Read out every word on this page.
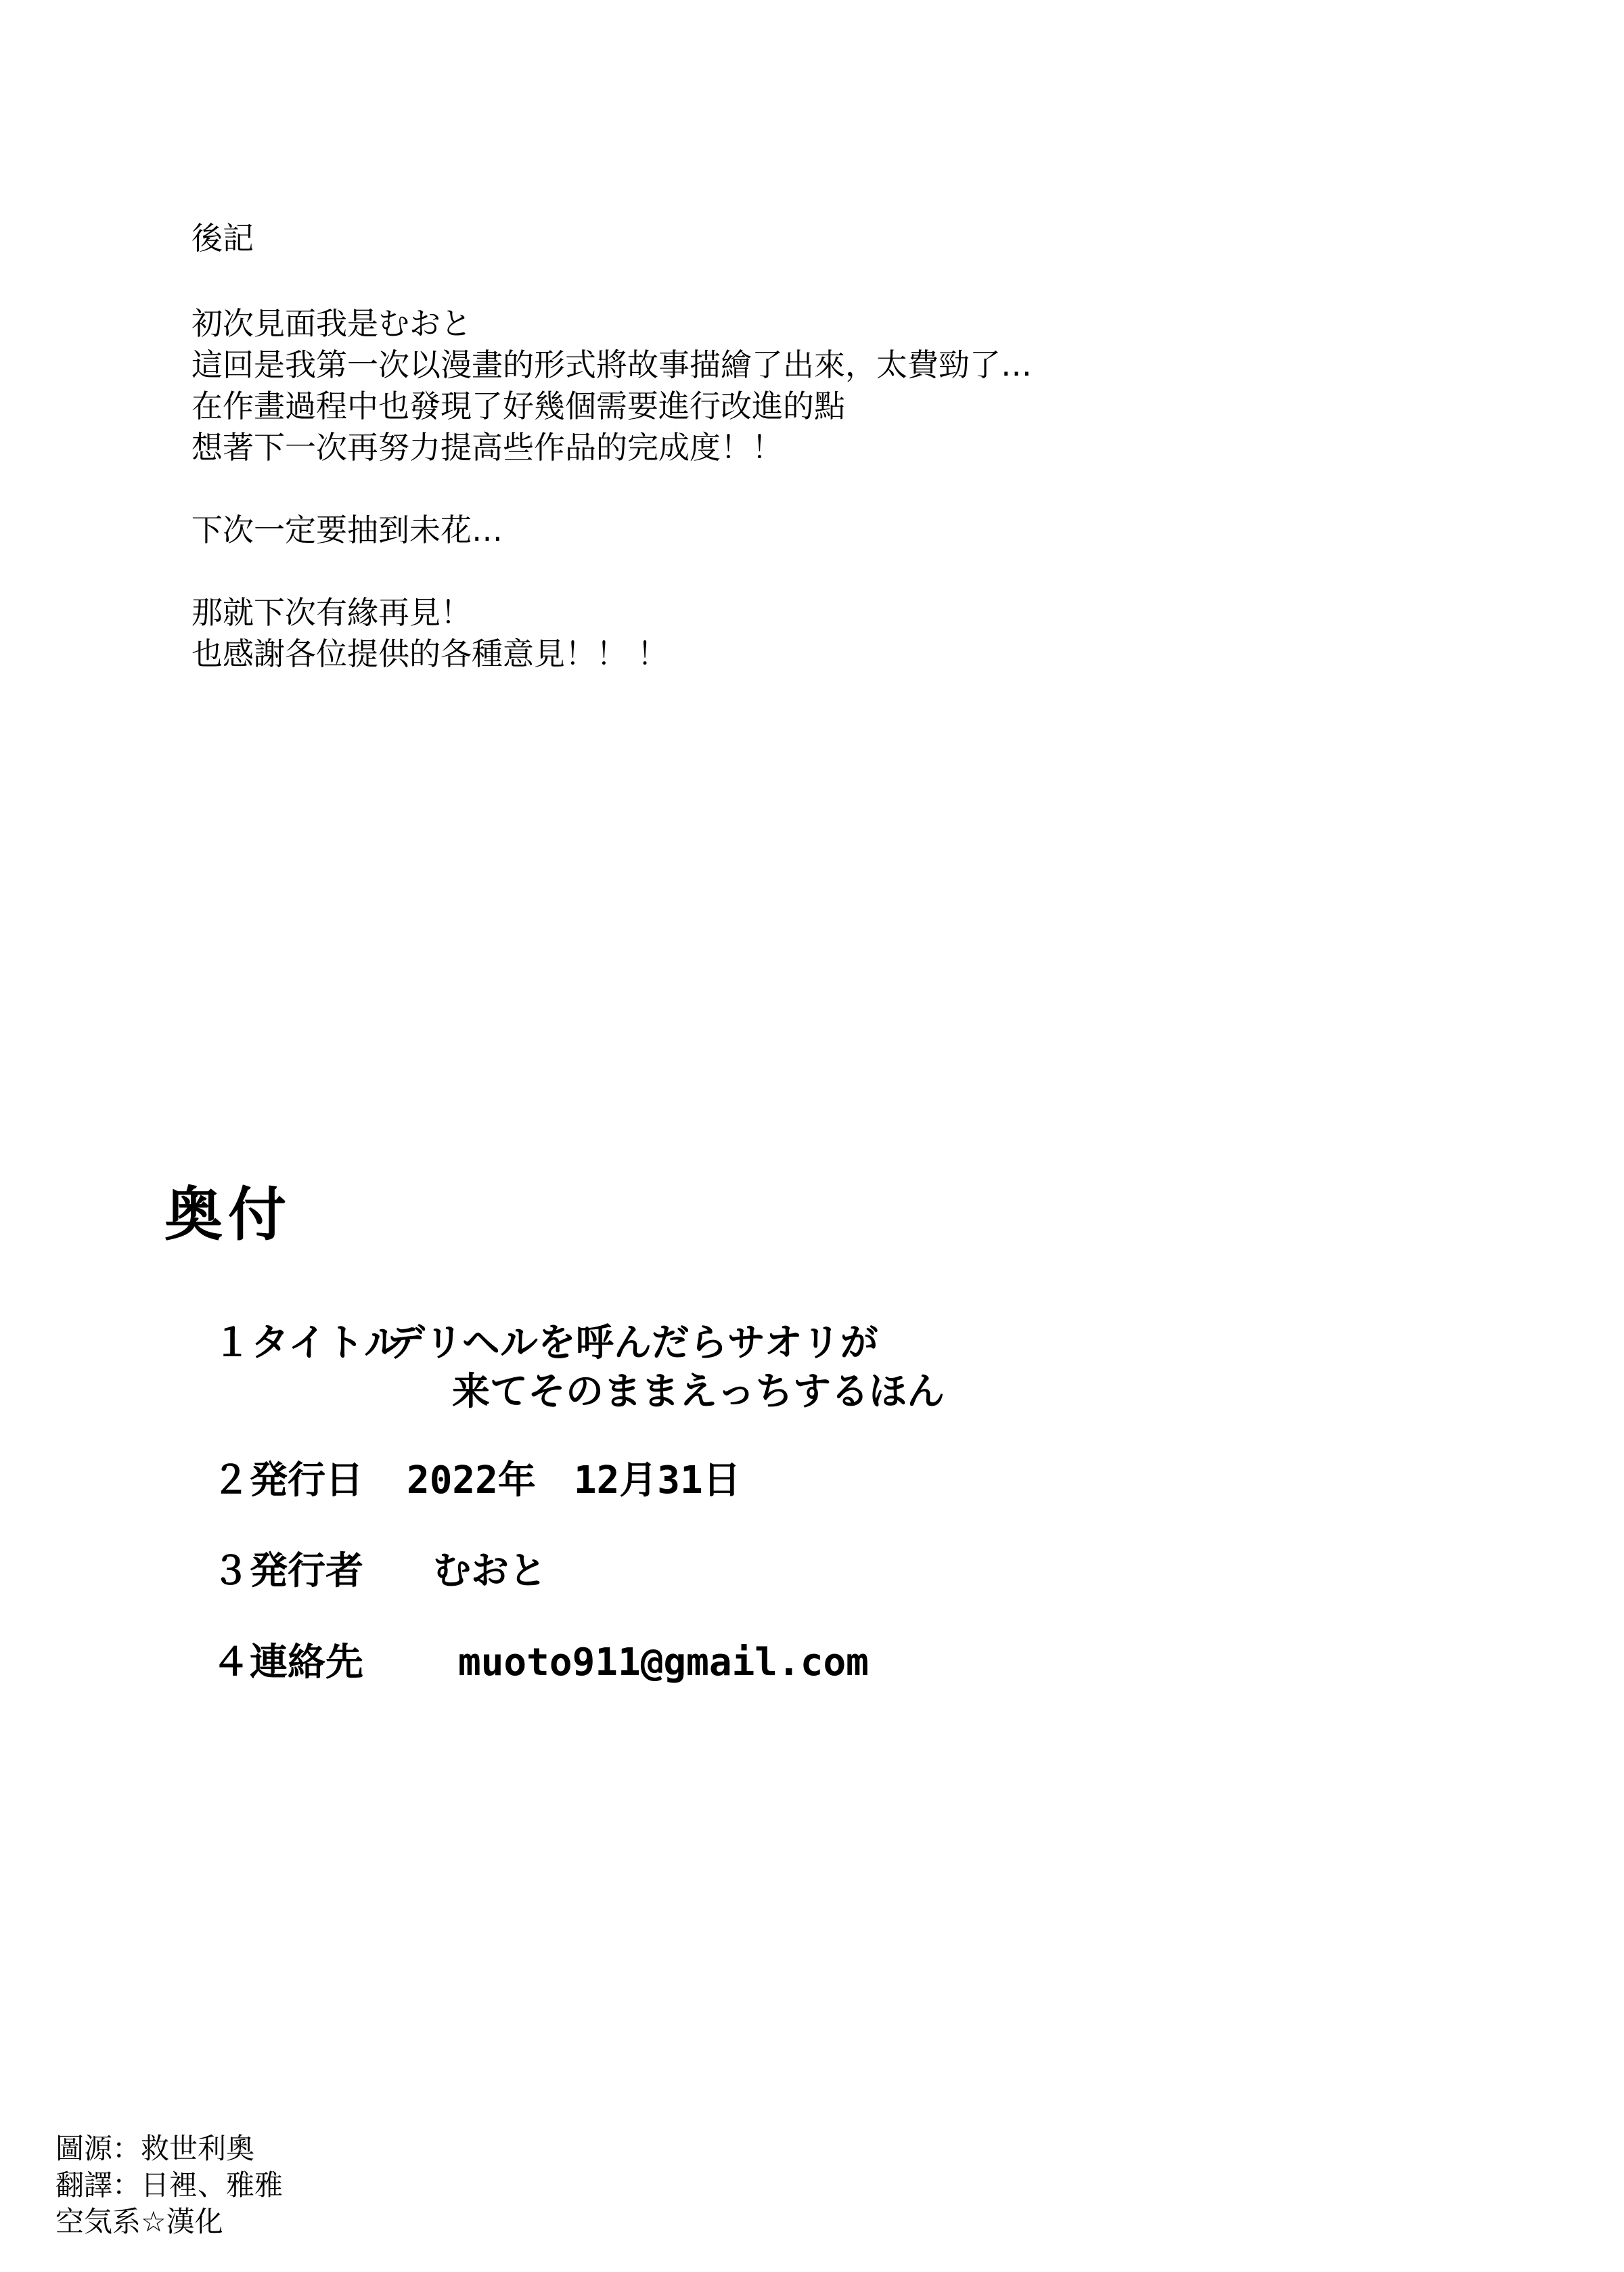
後記
初次見面我是むおと
這回是我第一次以漫畫的形式將故事描繪了出來，太費勁了…
在作畫過程中也發現了好幾個需要進行改進的點
想著下一次再努力提高些作品的完成度！！
下次一定要抽到未花…
那就下次有緣再見！
也感謝各位提供的各種意見！！ ！
奥付
１タイトル
デリヘルを呼んだらサオリが
来てそのままえっちするほん
２発行日 2022年　12月31日
３発行者 むおと
４連絡先	muoto911@gmail.com
圖源：救世利奧
翻譯：日裡、雅雅
空気系☆漢化
